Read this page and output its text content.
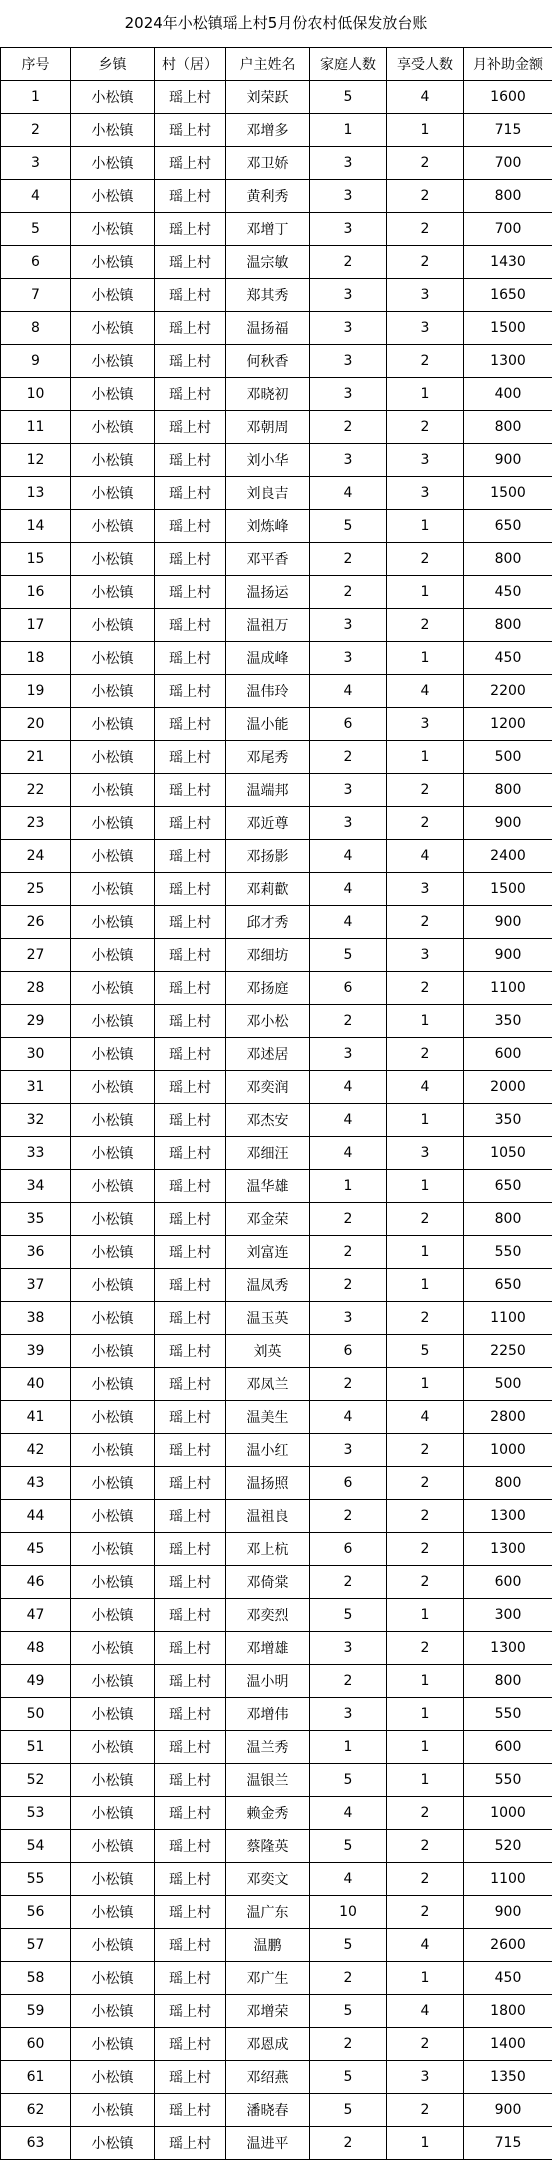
2024年小松镇瑶上村5月份农村低保发放台账
序号	乡镇	村（居）	户主姓名	家庭人数	享受人数	月补助金额
1	小松镇	瑶上村	刘荣跃	5	4	1600
2	小松镇	瑶上村	邓增多	1	1	715
3	小松镇	瑶上村	邓卫娇	3	2	700
4	小松镇	瑶上村	黄利秀	3	2	800
5	小松镇	瑶上村	邓增丁	3	2	700
6	小松镇	瑶上村	温宗敏	2	2	1430
7	小松镇	瑶上村	郑其秀	3	3	1650
8	小松镇	瑶上村	温扬福	3	3	1500
9	小松镇	瑶上村	何秋香	3	2	1300
10	小松镇	瑶上村	邓晓初	3	1	400
11	小松镇	瑶上村	邓朝周	2	2	800
12	小松镇	瑶上村	刘小华	3	3	900
13	小松镇	瑶上村	刘良吉	4	3	1500
14	小松镇	瑶上村	刘炼峰	5	1	650
15	小松镇	瑶上村	邓平香	2	2	800
16	小松镇	瑶上村	温扬运	2	1	450
17	小松镇	瑶上村	温祖万	3	2	800
18	小松镇	瑶上村	温成峰	3	1	450
19	小松镇	瑶上村	温伟玲	4	4	2200
20	小松镇	瑶上村	温小能	6	3	1200
21	小松镇	瑶上村	邓尾秀	2	1	500
22	小松镇	瑶上村	温端邦	3	2	800
23	小松镇	瑶上村	邓近尊	3	2	900
24	小松镇	瑶上村	邓扬影	4	4	2400
25	小松镇	瑶上村	邓莉歡	4	3	1500
26	小松镇	瑶上村	邱才秀	4	2	900
27	小松镇	瑶上村	邓细坊	5	3	900
28	小松镇	瑶上村	邓扬庭	6	2	1100
29	小松镇	瑶上村	邓小松	2	1	350
30	小松镇	瑶上村	邓述居	3	2	600
31	小松镇	瑶上村	邓奕润	4	4	2000
32	小松镇	瑶上村	邓杰安	4	1	350
33	小松镇	瑶上村	邓细汪	4	3	1050
34	小松镇	瑶上村	温华雄	1	1	650
35	小松镇	瑶上村	邓金荣	2	2	800
36	小松镇	瑶上村	刘富连	2	1	550
37	小松镇	瑶上村	温凤秀	2	1	650
38	小松镇	瑶上村	温玉英	3	2	1100
39	小松镇	瑶上村	刘英	6	5	2250
40	小松镇	瑶上村	邓凤兰	2	1	500
41	小松镇	瑶上村	温美生	4	4	2800
42	小松镇	瑶上村	温小红	3	2	1000
43	小松镇	瑶上村	温扬照	6	2	800
44	小松镇	瑶上村	温祖良	2	2	1300
45	小松镇	瑶上村	邓上杭	6	2	1300
46	小松镇	瑶上村	邓倚棠	2	2	600
47	小松镇	瑶上村	邓奕烈	5	1	300
48	小松镇	瑶上村	邓增雄	3	2	1300
49	小松镇	瑶上村	温小明	2	1	800
50	小松镇	瑶上村	邓增伟	3	1	550
51	小松镇	瑶上村	温兰秀	1	1	600
52	小松镇	瑶上村	温银兰	5	1	550
53	小松镇	瑶上村	赖金秀	4	2	1000
54	小松镇	瑶上村	蔡隆英	5	2	520
55	小松镇	瑶上村	邓奕文	4	2	1100
56	小松镇	瑶上村	温广东	10	2	900
57	小松镇	瑶上村	温鹏	5	4	2600
58	小松镇	瑶上村	邓广生	2	1	450
59	小松镇	瑶上村	邓增荣	5	4	1800
60	小松镇	瑶上村	邓恩成	2	2	1400
61	小松镇	瑶上村	邓绍燕	5	3	1350
62	小松镇	瑶上村	潘晓春	5	2	900
63	小松镇	瑶上村	温进平	2	1	715
